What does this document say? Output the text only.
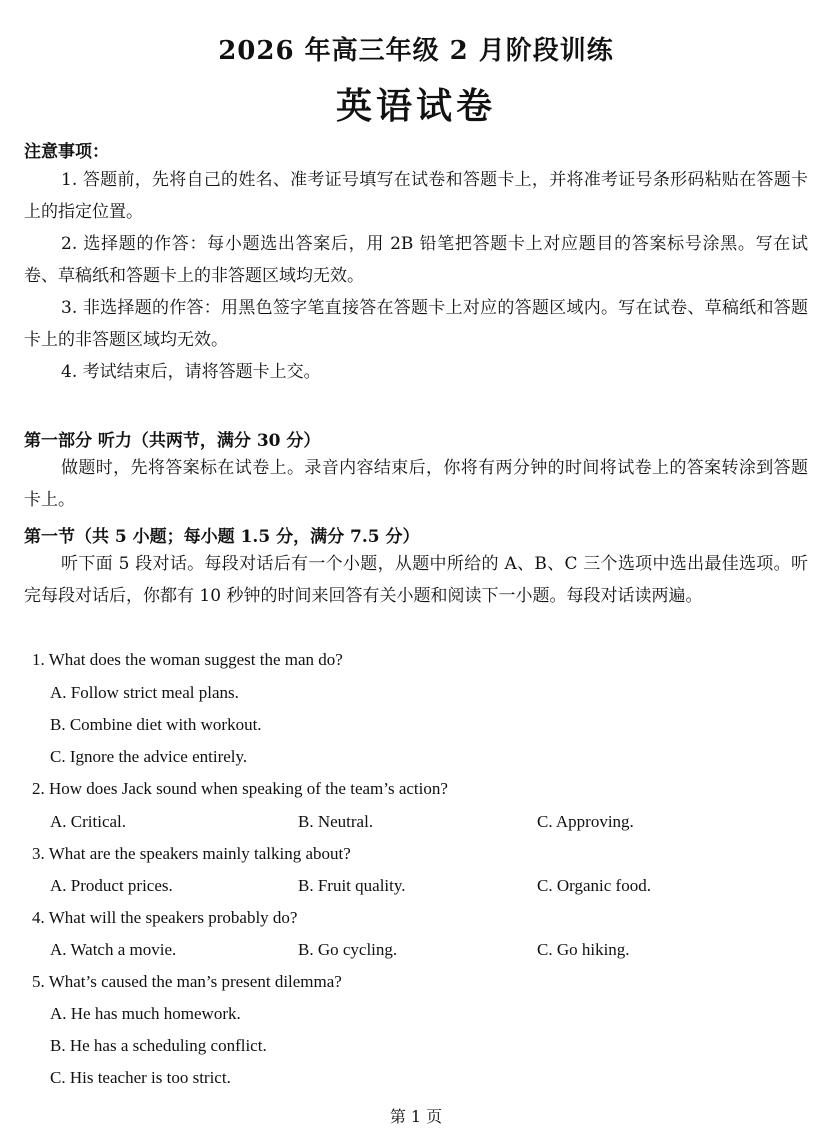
2026 年高三年级 2 月阶段训练
英语试卷
注意事项：
1. 答题前，先将自己的姓名、准考证号填写在试卷和答题卡上，并将准考证号条形码粘贴在答题卡上的指定位置。
2. 选择题的作答：每小题选出答案后，用 2B 铅笔把答题卡上对应题目的答案标号涂黑。写在试卷、草稿纸和答题卡上的非答题区域均无效。
3. 非选择题的作答：用黑色签字笔直接答在答题卡上对应的答题区域内。写在试卷、草稿纸和答题卡上的非答题区域均无效。
4. 考试结束后，请将答题卡上交。
第一部分 听力（共两节，满分 30 分）
做题时，先将答案标在试卷上。录音内容结束后，你将有两分钟的时间将试卷上的答案转涂到答题卡上。
第一节（共 5 小题；每小题 1.5 分，满分 7.5 分）
听下面 5 段对话。每段对话后有一个小题，从题中所给的 A、B、C 三个选项中选出最佳选项。听完每段对话后，你都有 10 秒钟的时间来回答有关小题和阅读下一小题。每段对话读两遍。
1. What does the woman suggest the man do?
A. Follow strict meal plans.
B. Combine diet with workout.
C. Ignore the advice entirely.
2. How does Jack sound when speaking of the team’s action?
A. Critical.	B. Neutral.	C. Approving.
3. What are the speakers mainly talking about?
A. Product prices.	B. Fruit quality.	C. Organic food.
4. What will the speakers probably do?
A. Watch a movie.	B. Go cycling.	C. Go hiking.
5. What’s caused the man’s present dilemma?
A. He has much homework.
B. He has a scheduling conflict.
C. His teacher is too strict.
第 1 页
